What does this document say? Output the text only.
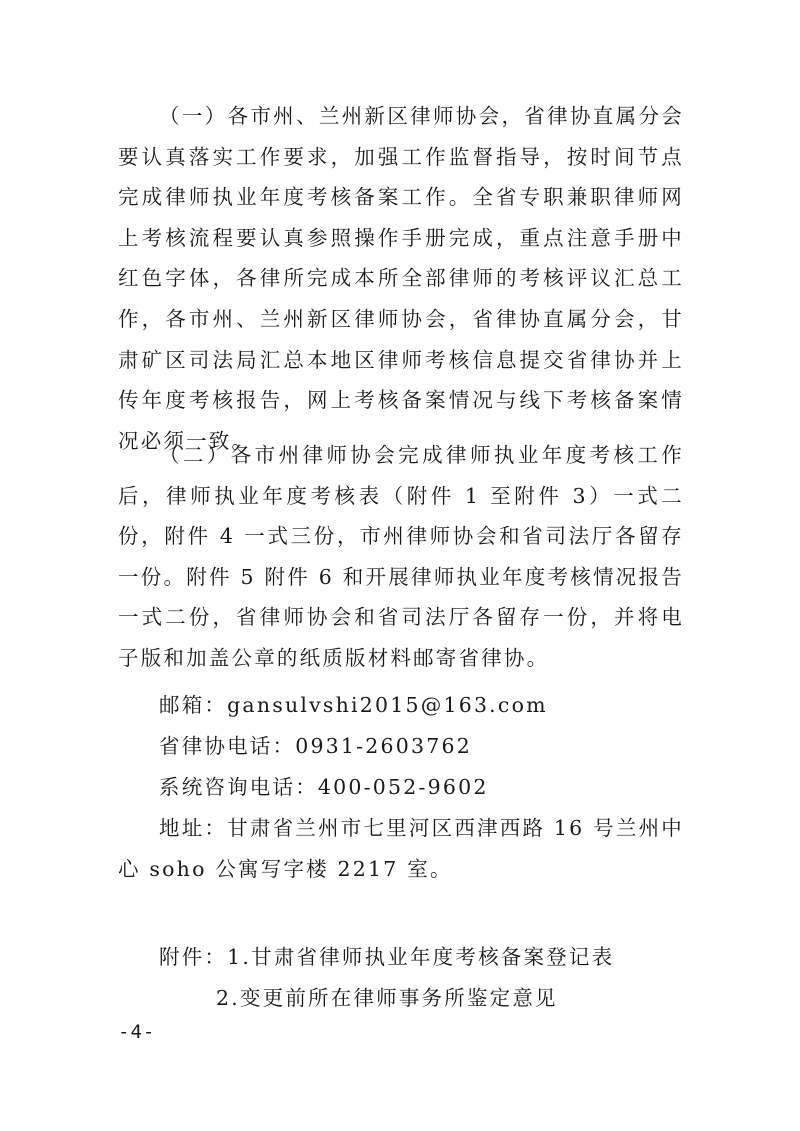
（一）各市州、兰州新区律师协会，省律协直属分会要认真落实工作要求，加强工作监督指导，按时间节点完成律师执业年度考核备案工作。全省专职兼职律师网上考核流程要认真参照操作手册完成，重点注意手册中红色字体，各律所完成本所全部律师的考核评议汇总工作，各市州、兰州新区律师协会，省律协直属分会，甘肃矿区司法局汇总本地区律师考核信息提交省律协并上传年度考核报告，网上考核备案情况与线下考核备案情况必须一致。

（二）各市州律师协会完成律师执业年度考核工作后，律师执业年度考核表（附件 1 至附件 3）一式二份，附件 4 一式三份，市州律师协会和省司法厅各留存一份。附件 5 附件 6 和开展律师执业年度考核情况报告一式二份，省律师协会和省司法厅各留存一份，并将电子版和加盖公章的纸质版材料邮寄省律协。

邮箱：gansulvshi2015@163.com
省律协电话：0931-2603762
系统咨询电话：400-052-9602

地址：甘肃省兰州市七里河区西津西路 16 号兰州中心 soho 公寓写字楼 2217 室。

附件： 1.甘肃省律师执业年度考核备案登记表
2.变更前所在律师事务所鉴定意见
-4-
